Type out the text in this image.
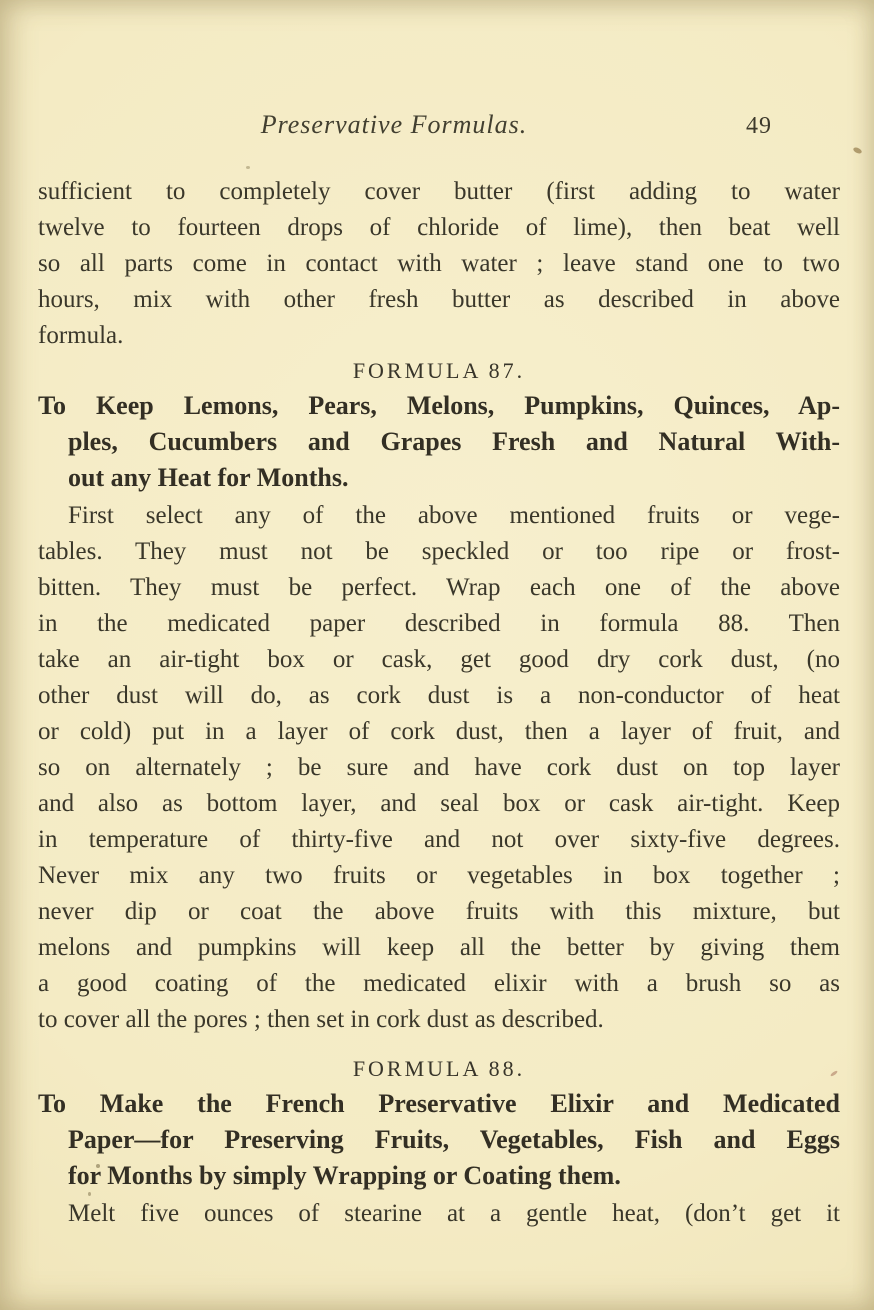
Preservative Formulas.	49
sufficient to completely cover butter (first adding to water
twelve to fourteen drops of chloride of lime), then beat well
so all parts come in contact with water ; leave stand one to two
hours, mix with other fresh butter as described in above
formula.
FORMULA 87.
To Keep Lemons, Pears, Melons, Pumpkins, Quinces, Ap-
ples, Cucumbers and Grapes Fresh and Natural With-
out any Heat for Months.
First select any of the above mentioned fruits or vege-
tables. They must not be speckled or too ripe or frost-
bitten. They must be perfect. Wrap each one of the above
in the medicated paper described in formula 88. Then
take an air-tight box or cask, get good dry cork dust, (no
other dust will do, as cork dust is a non-conductor of heat
or cold) put in a layer of cork dust, then a layer of fruit, and
so on alternately ; be sure and have cork dust on top layer
and also as bottom layer, and seal box or cask air-tight. Keep
in temperature of thirty-five and not over sixty-five degrees.
Never mix any two fruits or vegetables in box together ;
never dip or coat the above fruits with this mixture, but
melons and pumpkins will keep all the better by giving them
a good coating of the medicated elixir with a brush so as
to cover all the pores ; then set in cork dust as described.
FORMULA 88.
To Make the French Preservative Elixir and Medicated
Paper—for Preserving Fruits, Vegetables, Fish and Eggs
for Months by simply Wrapping or Coating them.
Melt five ounces of stearine at a gentle heat, (don’t get it
